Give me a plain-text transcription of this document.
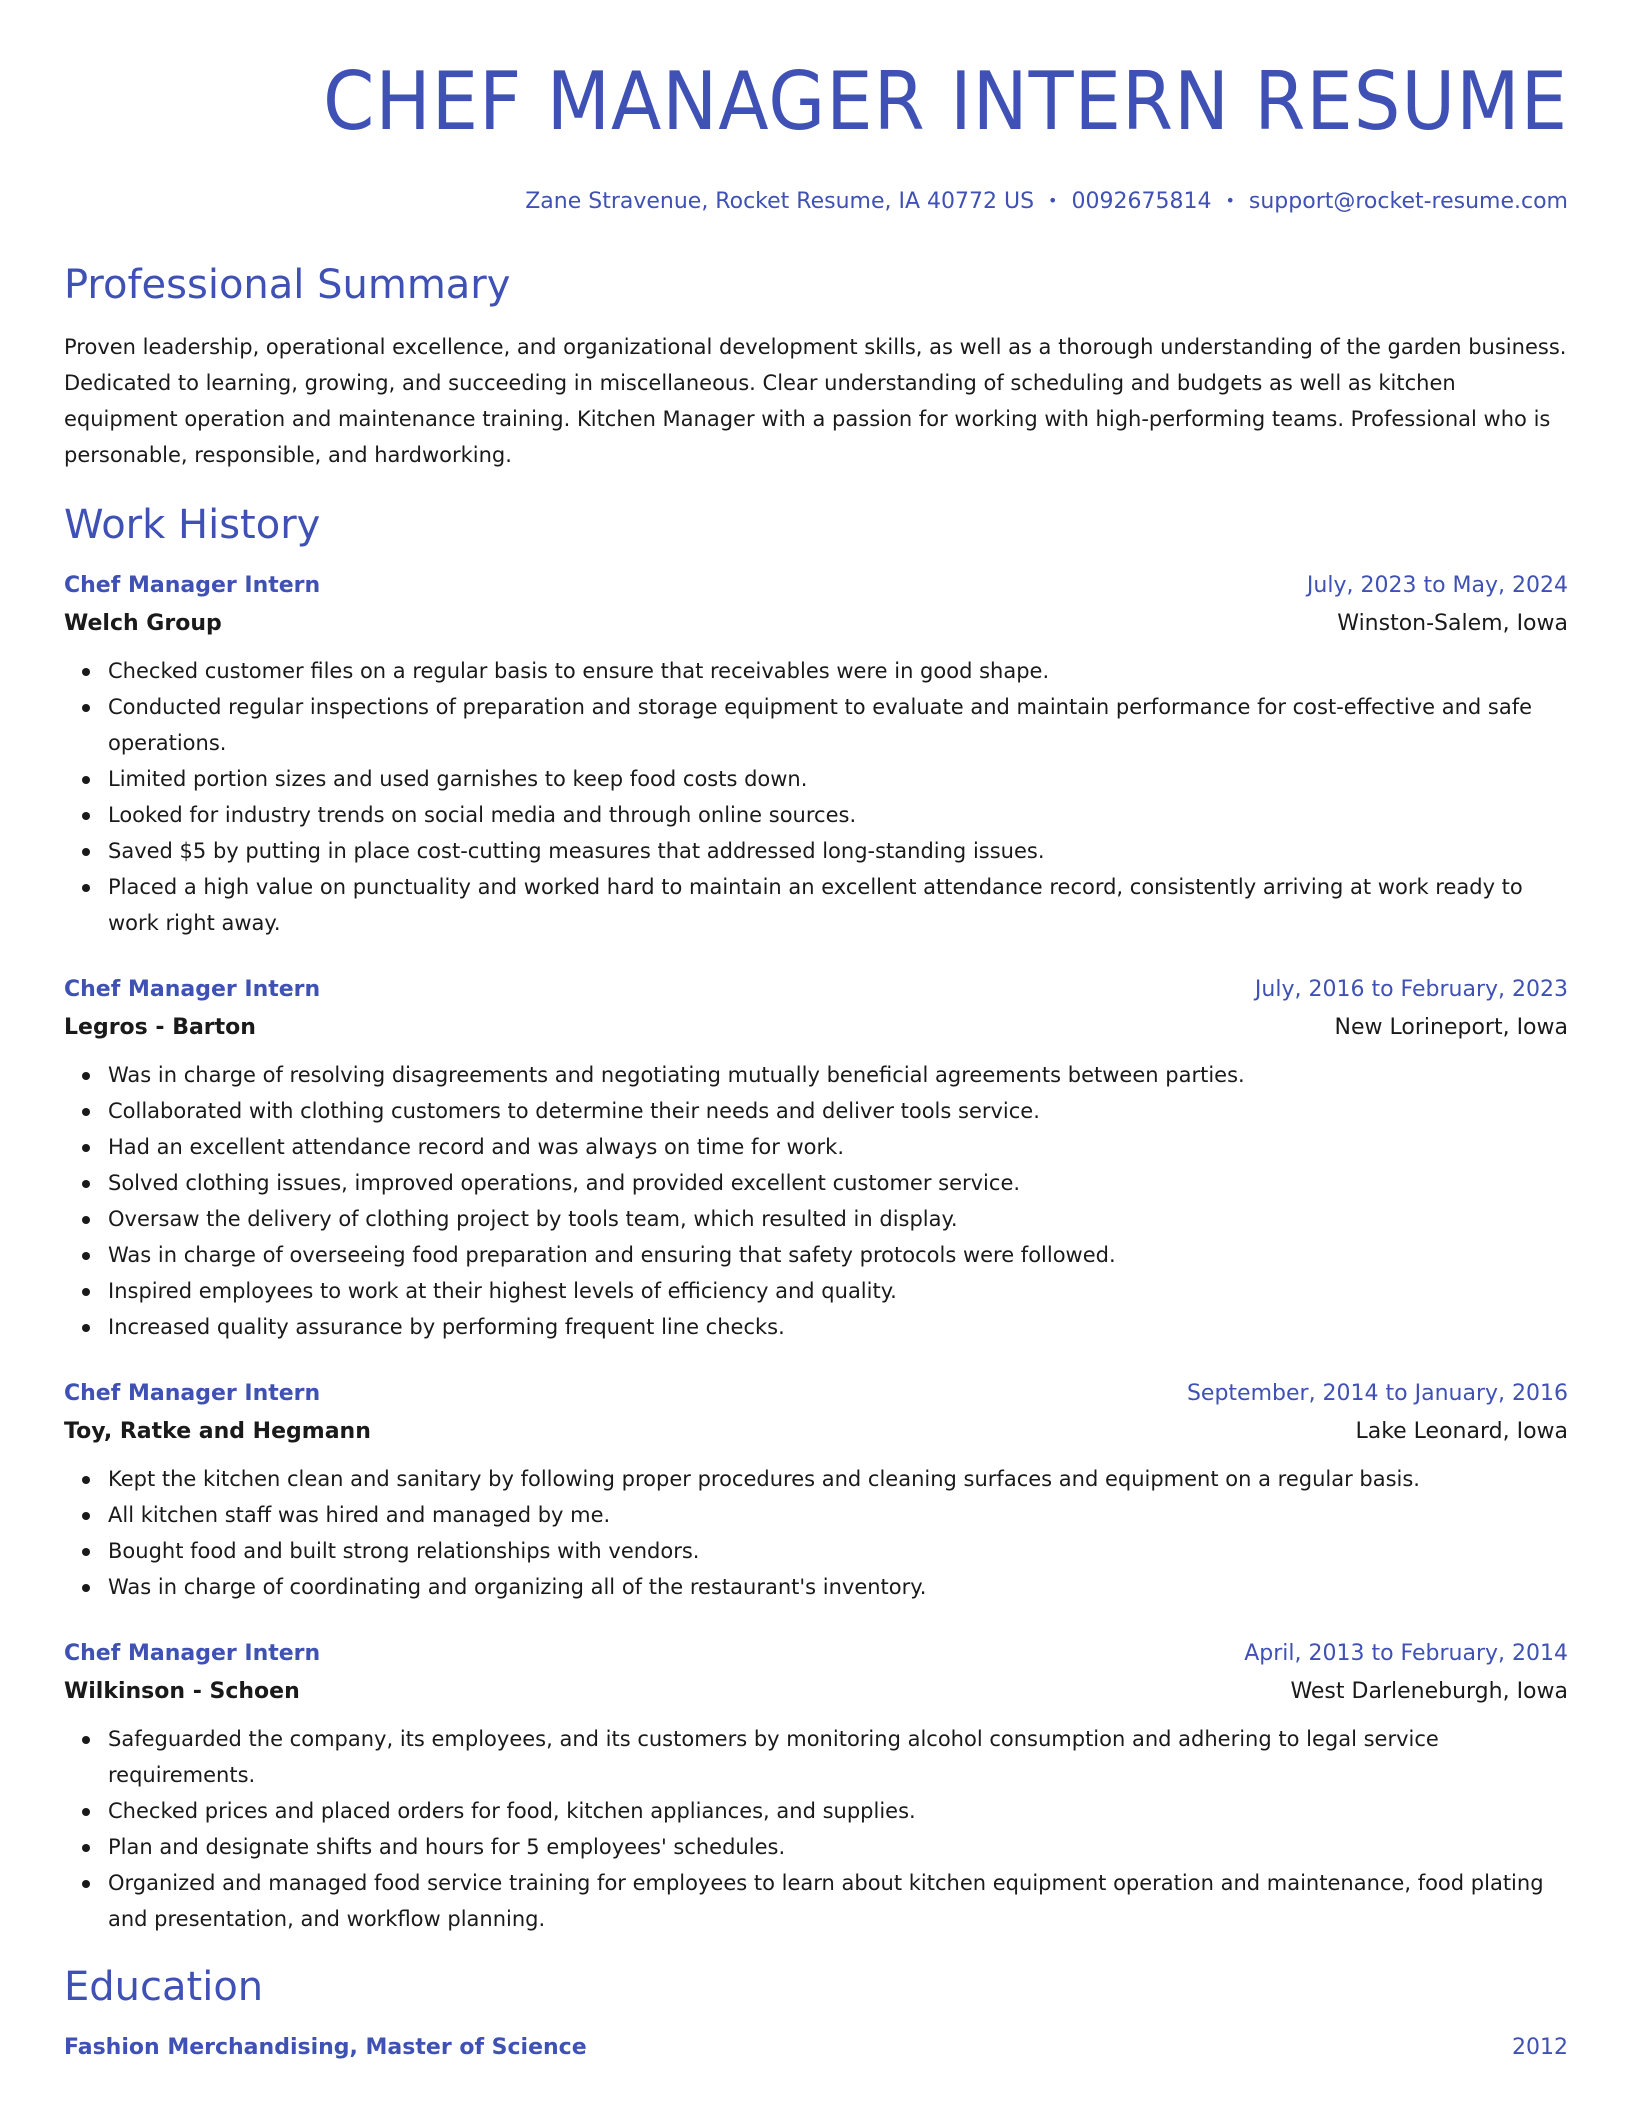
CHEF MANAGER INTERN RESUME
Zane Stravenue, Rocket Resume, IA 40772 US • 0092675814 • support@rocket-resume.com
Professional Summary

Proven leadership, operational excellence, and organizational development skills, as well as a thorough understanding of the garden business. Dedicated to learning, growing, and succeeding in miscellaneous. Clear understanding of scheduling and budgets as well as kitchen equipment operation and maintenance training. Kitchen Manager with a passion for working with high-performing teams. Professional who is personable, responsible, and hardworking.

Work History
Chef Manager Intern	July, 2023 to May, 2024
Welch Group	Winston-Salem, Iowa
Checked customer files on a regular basis to ensure that receivables were in good shape.
Conducted regular inspections of preparation and storage equipment to evaluate and maintain performance for cost-effective and safe operations.
Limited portion sizes and used garnishes to keep food costs down.
Looked for industry trends on social media and through online sources.
Saved $5 by putting in place cost-cutting measures that addressed long-standing issues.
Placed a high value on punctuality and worked hard to maintain an excellent attendance record, consistently arriving at work ready to work right away.
Chef Manager Intern	July, 2016 to February, 2023
Legros - Barton	New Lorineport, Iowa
Was in charge of resolving disagreements and negotiating mutually beneficial agreements between parties.
Collaborated with clothing customers to determine their needs and deliver tools service.
Had an excellent attendance record and was always on time for work.
Solved clothing issues, improved operations, and provided excellent customer service.
Oversaw the delivery of clothing project by tools team, which resulted in display.
Was in charge of overseeing food preparation and ensuring that safety protocols were followed.
Inspired employees to work at their highest levels of efficiency and quality.
Increased quality assurance by performing frequent line checks.
Chef Manager Intern	September, 2014 to January, 2016
Toy, Ratke and Hegmann	Lake Leonard, Iowa
Kept the kitchen clean and sanitary by following proper procedures and cleaning surfaces and equipment on a regular basis.
All kitchen staff was hired and managed by me.
Bought food and built strong relationships with vendors.
Was in charge of coordinating and organizing all of the restaurant's inventory.
Chef Manager Intern	April, 2013 to February, 2014
Wilkinson - Schoen	West Darleneburgh, Iowa
Safeguarded the company, its employees, and its customers by monitoring alcohol consumption and adhering to legal service requirements.
Checked prices and placed orders for food, kitchen appliances, and supplies.
Plan and designate shifts and hours for 5 employees' schedules.
Organized and managed food service training for employees to learn about kitchen equipment operation and maintenance, food plating and presentation, and workflow planning.
Education
Fashion Merchandising, Master of Science	2012
